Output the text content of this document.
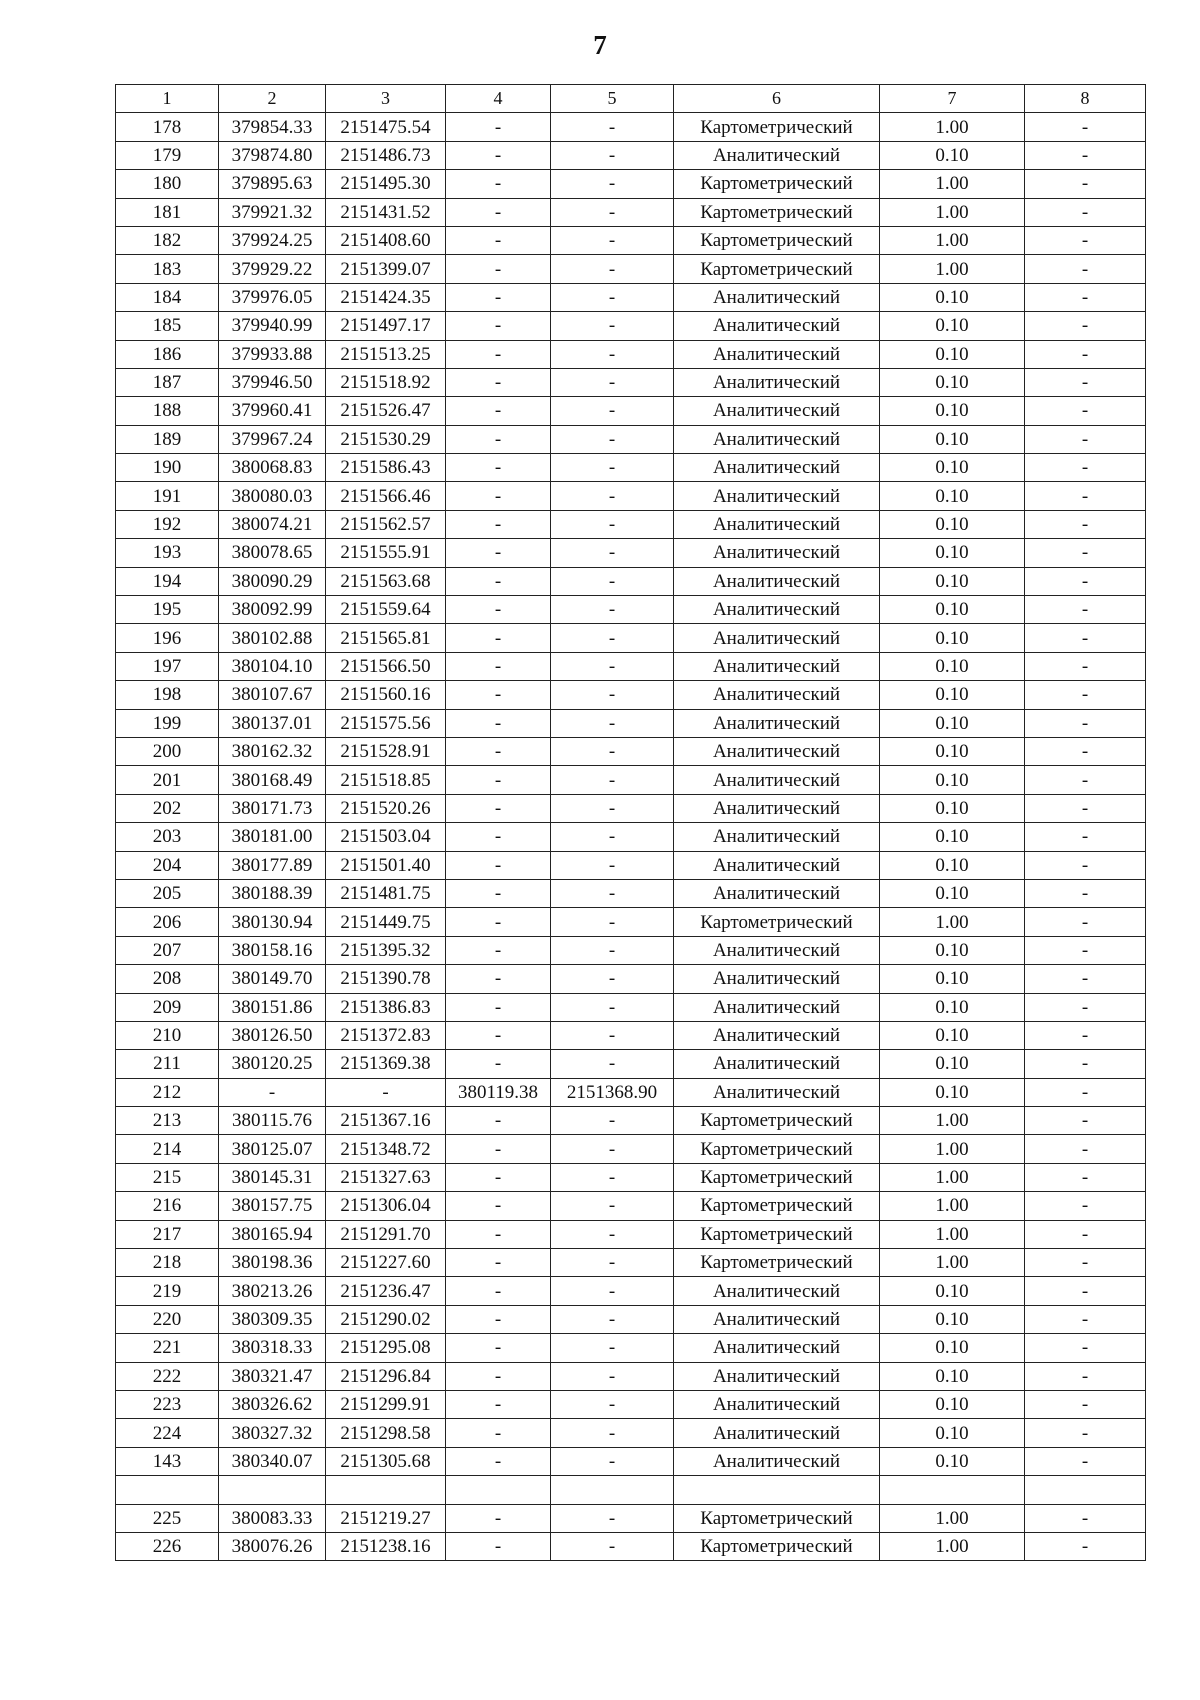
7
1	2	3	4	5	6	7	8
178	379854.33	2151475.54	-	-	Картометрический	1.00	-
179	379874.80	2151486.73	-	-	Аналитический	0.10	-
180	379895.63	2151495.30	-	-	Картометрический	1.00	-
181	379921.32	2151431.52	-	-	Картометрический	1.00	-
182	379924.25	2151408.60	-	-	Картометрический	1.00	-
183	379929.22	2151399.07	-	-	Картометрический	1.00	-
184	379976.05	2151424.35	-	-	Аналитический	0.10	-
185	379940.99	2151497.17	-	-	Аналитический	0.10	-
186	379933.88	2151513.25	-	-	Аналитический	0.10	-
187	379946.50	2151518.92	-	-	Аналитический	0.10	-
188	379960.41	2151526.47	-	-	Аналитический	0.10	-
189	379967.24	2151530.29	-	-	Аналитический	0.10	-
190	380068.83	2151586.43	-	-	Аналитический	0.10	-
191	380080.03	2151566.46	-	-	Аналитический	0.10	-
192	380074.21	2151562.57	-	-	Аналитический	0.10	-
193	380078.65	2151555.91	-	-	Аналитический	0.10	-
194	380090.29	2151563.68	-	-	Аналитический	0.10	-
195	380092.99	2151559.64	-	-	Аналитический	0.10	-
196	380102.88	2151565.81	-	-	Аналитический	0.10	-
197	380104.10	2151566.50	-	-	Аналитический	0.10	-
198	380107.67	2151560.16	-	-	Аналитический	0.10	-
199	380137.01	2151575.56	-	-	Аналитический	0.10	-
200	380162.32	2151528.91	-	-	Аналитический	0.10	-
201	380168.49	2151518.85	-	-	Аналитический	0.10	-
202	380171.73	2151520.26	-	-	Аналитический	0.10	-
203	380181.00	2151503.04	-	-	Аналитический	0.10	-
204	380177.89	2151501.40	-	-	Аналитический	0.10	-
205	380188.39	2151481.75	-	-	Аналитический	0.10	-
206	380130.94	2151449.75	-	-	Картометрический	1.00	-
207	380158.16	2151395.32	-	-	Аналитический	0.10	-
208	380149.70	2151390.78	-	-	Аналитический	0.10	-
209	380151.86	2151386.83	-	-	Аналитический	0.10	-
210	380126.50	2151372.83	-	-	Аналитический	0.10	-
211	380120.25	2151369.38	-	-	Аналитический	0.10	-
212	-	-	380119.38	2151368.90	Аналитический	0.10	-
213	380115.76	2151367.16	-	-	Картометрический	1.00	-
214	380125.07	2151348.72	-	-	Картометрический	1.00	-
215	380145.31	2151327.63	-	-	Картометрический	1.00	-
216	380157.75	2151306.04	-	-	Картометрический	1.00	-
217	380165.94	2151291.70	-	-	Картометрический	1.00	-
218	380198.36	2151227.60	-	-	Картометрический	1.00	-
219	380213.26	2151236.47	-	-	Аналитический	0.10	-
220	380309.35	2151290.02	-	-	Аналитический	0.10	-
221	380318.33	2151295.08	-	-	Аналитический	0.10	-
222	380321.47	2151296.84	-	-	Аналитический	0.10	-
223	380326.62	2151299.91	-	-	Аналитический	0.10	-
224	380327.32	2151298.58	-	-	Аналитический	0.10	-
143	380340.07	2151305.68	-	-	Аналитический	0.10	-

225	380083.33	2151219.27	-	-	Картометрический	1.00	-
226	380076.26	2151238.16	-	-	Картометрический	1.00	-
